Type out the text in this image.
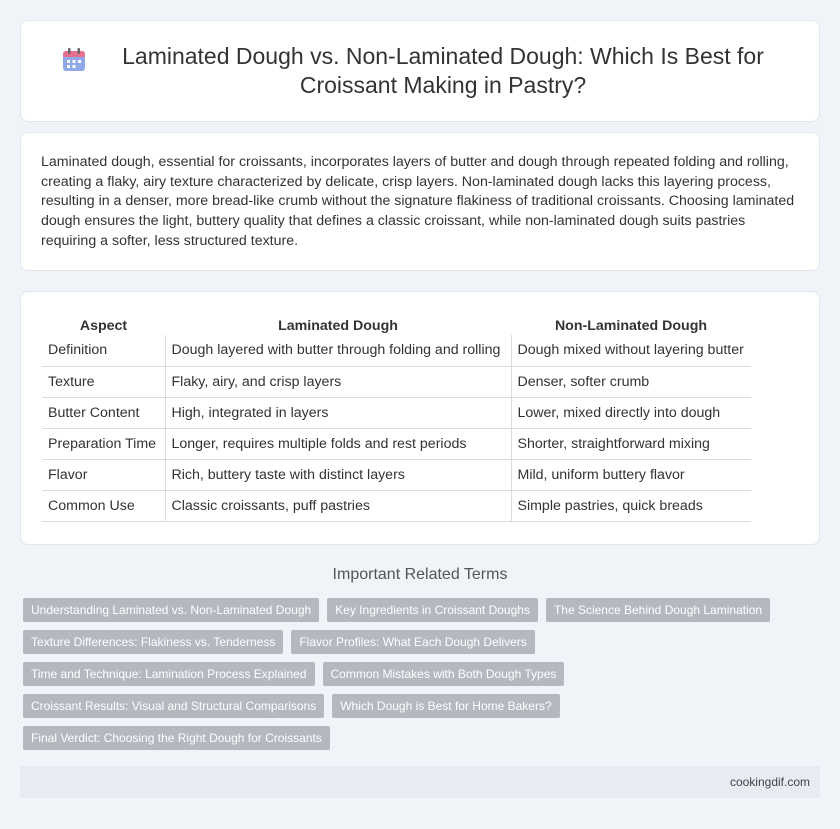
Laminated Dough vs. Non-Laminated Dough: Which Is Best for Croissant Making in Pastry?

Laminated dough, essential for croissants, incorporates layers of butter and dough through repeated folding and rolling, creating a flaky, airy texture characterized by delicate, crisp layers. Non-laminated dough lacks this layering process, resulting in a denser, more bread-like crumb without the signature flakiness of traditional croissants. Choosing laminated dough ensures the light, buttery quality that defines a classic croissant, while non-laminated dough suits pastries requiring a softer, less structured texture.

Aspect	Laminated Dough	Non-Laminated Dough
Definition	Dough layered with butter through folding and rolling	Dough mixed without layering butter
Texture	Flaky, airy, and crisp layers	Denser, softer crumb
Butter Content	High, integrated in layers	Lower, mixed directly into dough
Preparation Time	Longer, requires multiple folds and rest periods	Shorter, straightforward mixing
Flavor	Rich, buttery taste with distinct layers	Mild, uniform buttery flavor
Common Use	Classic croissants, puff pastries	Simple pastries, quick breads
Important Related Terms
Understanding Laminated vs. Non-Laminated Dough	Key Ingredients in Croissant Doughs	The Science Behind Dough Lamination
Texture Differences: Flakiness vs. Tenderness	Flavor Profiles: What Each Dough Delivers
Time and Technique: Lamination Process Explained	Common Mistakes with Both Dough Types
Croissant Results: Visual and Structural Comparisons	Which Dough is Best for Home Bakers?
Final Verdict: Choosing the Right Dough for Croissants
cookingdif.com
